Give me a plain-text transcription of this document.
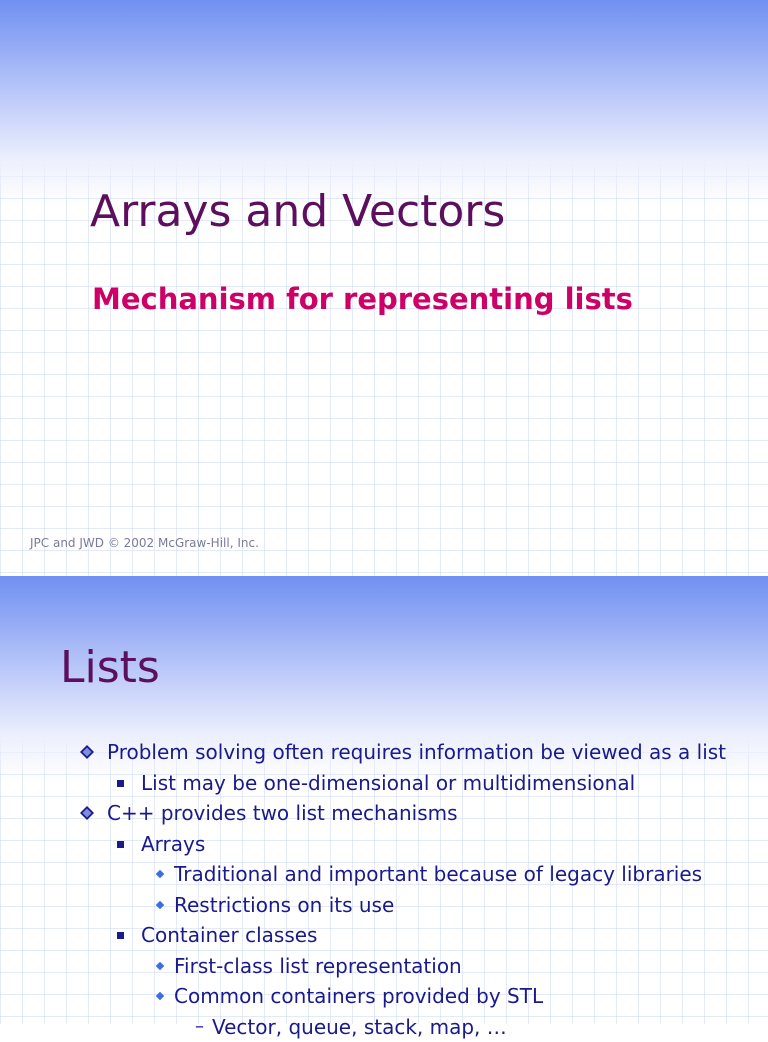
Arrays and Vectors
Mechanism for representing lists
JPC and JWD © 2002 McGraw-Hill, Inc.
Lists
Problem solving often requires information be viewed as a list
List may be one-dimensional or multidimensional
C++ provides two list mechanisms
Arrays
Traditional and important because of legacy libraries
Restrictions on its use
Container classes
First-class list representation
Common containers provided by STL
–
Vector, queue, stack, map, …
